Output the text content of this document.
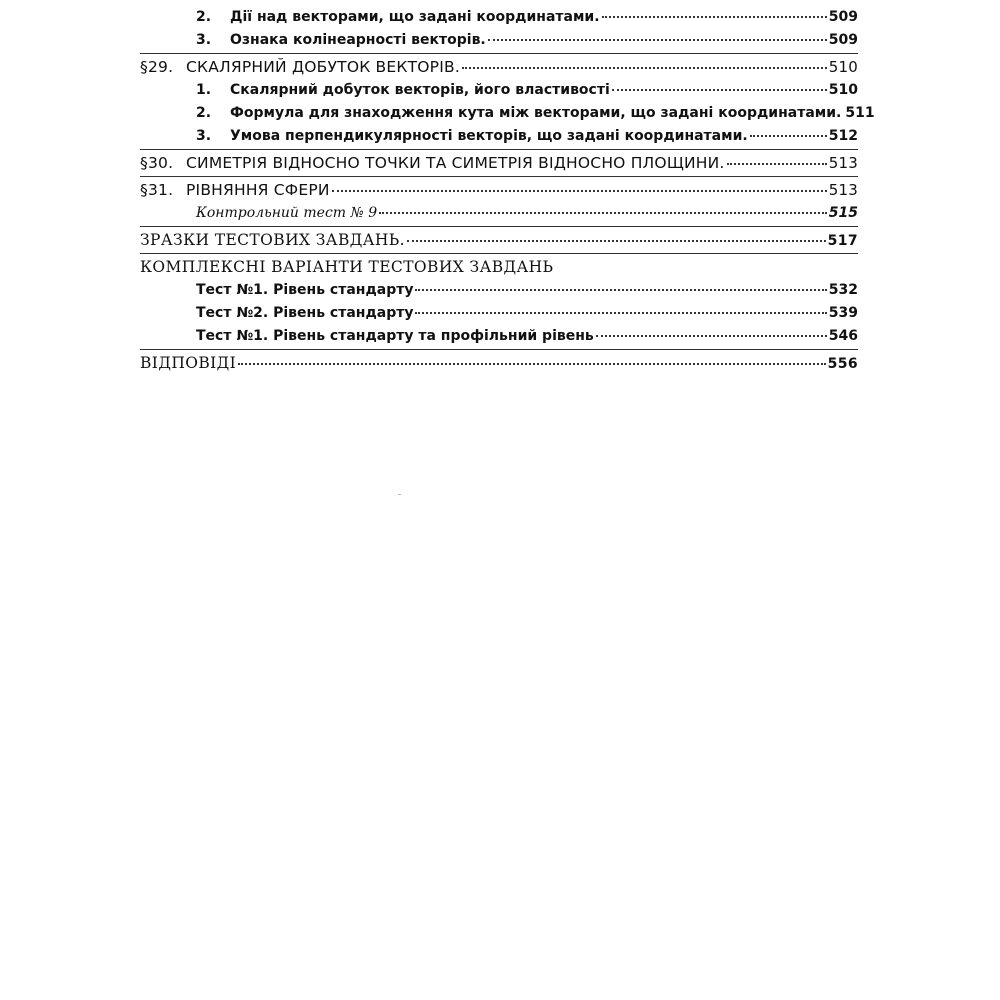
2.	Дії над векторами, що задані координатами.	509
3.	Ознака колінеарності векторів.	509
§29. СКАЛЯРНИЙ ДОБУТОК ВЕКТОРІВ.	510
1.	Скалярний добуток векторів, його властивості	510
2.	Формула для знаходження кута між векторами, що задані координатами. 511
3.	Умова перпендикулярності векторів, що задані координатами.	512
§30. СИМЕТРІЯ ВІДНОСНО ТОЧКИ ТА СИМЕТРІЯ ВІДНОСНО ПЛОЩИНИ.	513
§31. РІВНЯННЯ СФЕРИ	513
Контрольний тест № 9	515
ЗРАЗКИ ТЕСТОВИХ ЗАВДАНЬ.	517
КОМПЛЕКСНІ ВАРІАНТИ ТЕСТОВИХ ЗАВДАНЬ
Тест №1. Рівень стандарту	532
Тест №2. Рівень стандарту	539
Тест №1. Рівень стандарту та профільний рівень	546
ВІДПОВІДІ	556
